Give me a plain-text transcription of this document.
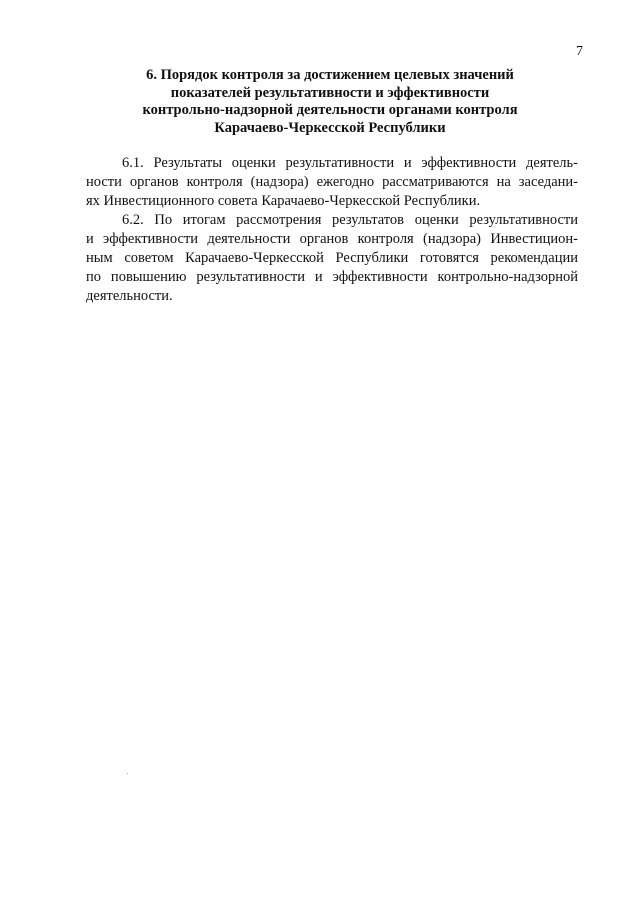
7
6. Порядок контроля за достижением целевых значений
показателей результативности и эффективности
контрольно-надзорной деятельности органами контроля
Карачаево-Черкесской Республики

6.1. Результаты оценки результативности и эффективности деятель-
ности органов контроля (надзора) ежегодно рассматриваются на заседани-
ях Инвестиционного совета Карачаево-Черкесской Республики.

6.2. По итогам рассмотрения результатов оценки результативности
и эффективности деятельности органов контроля (надзора) Инвестицион-
ным советом Карачаево-Черкесской Республики готовятся рекомендации
по повышению результативности и эффективности контрольно-надзорной
деятельности.
